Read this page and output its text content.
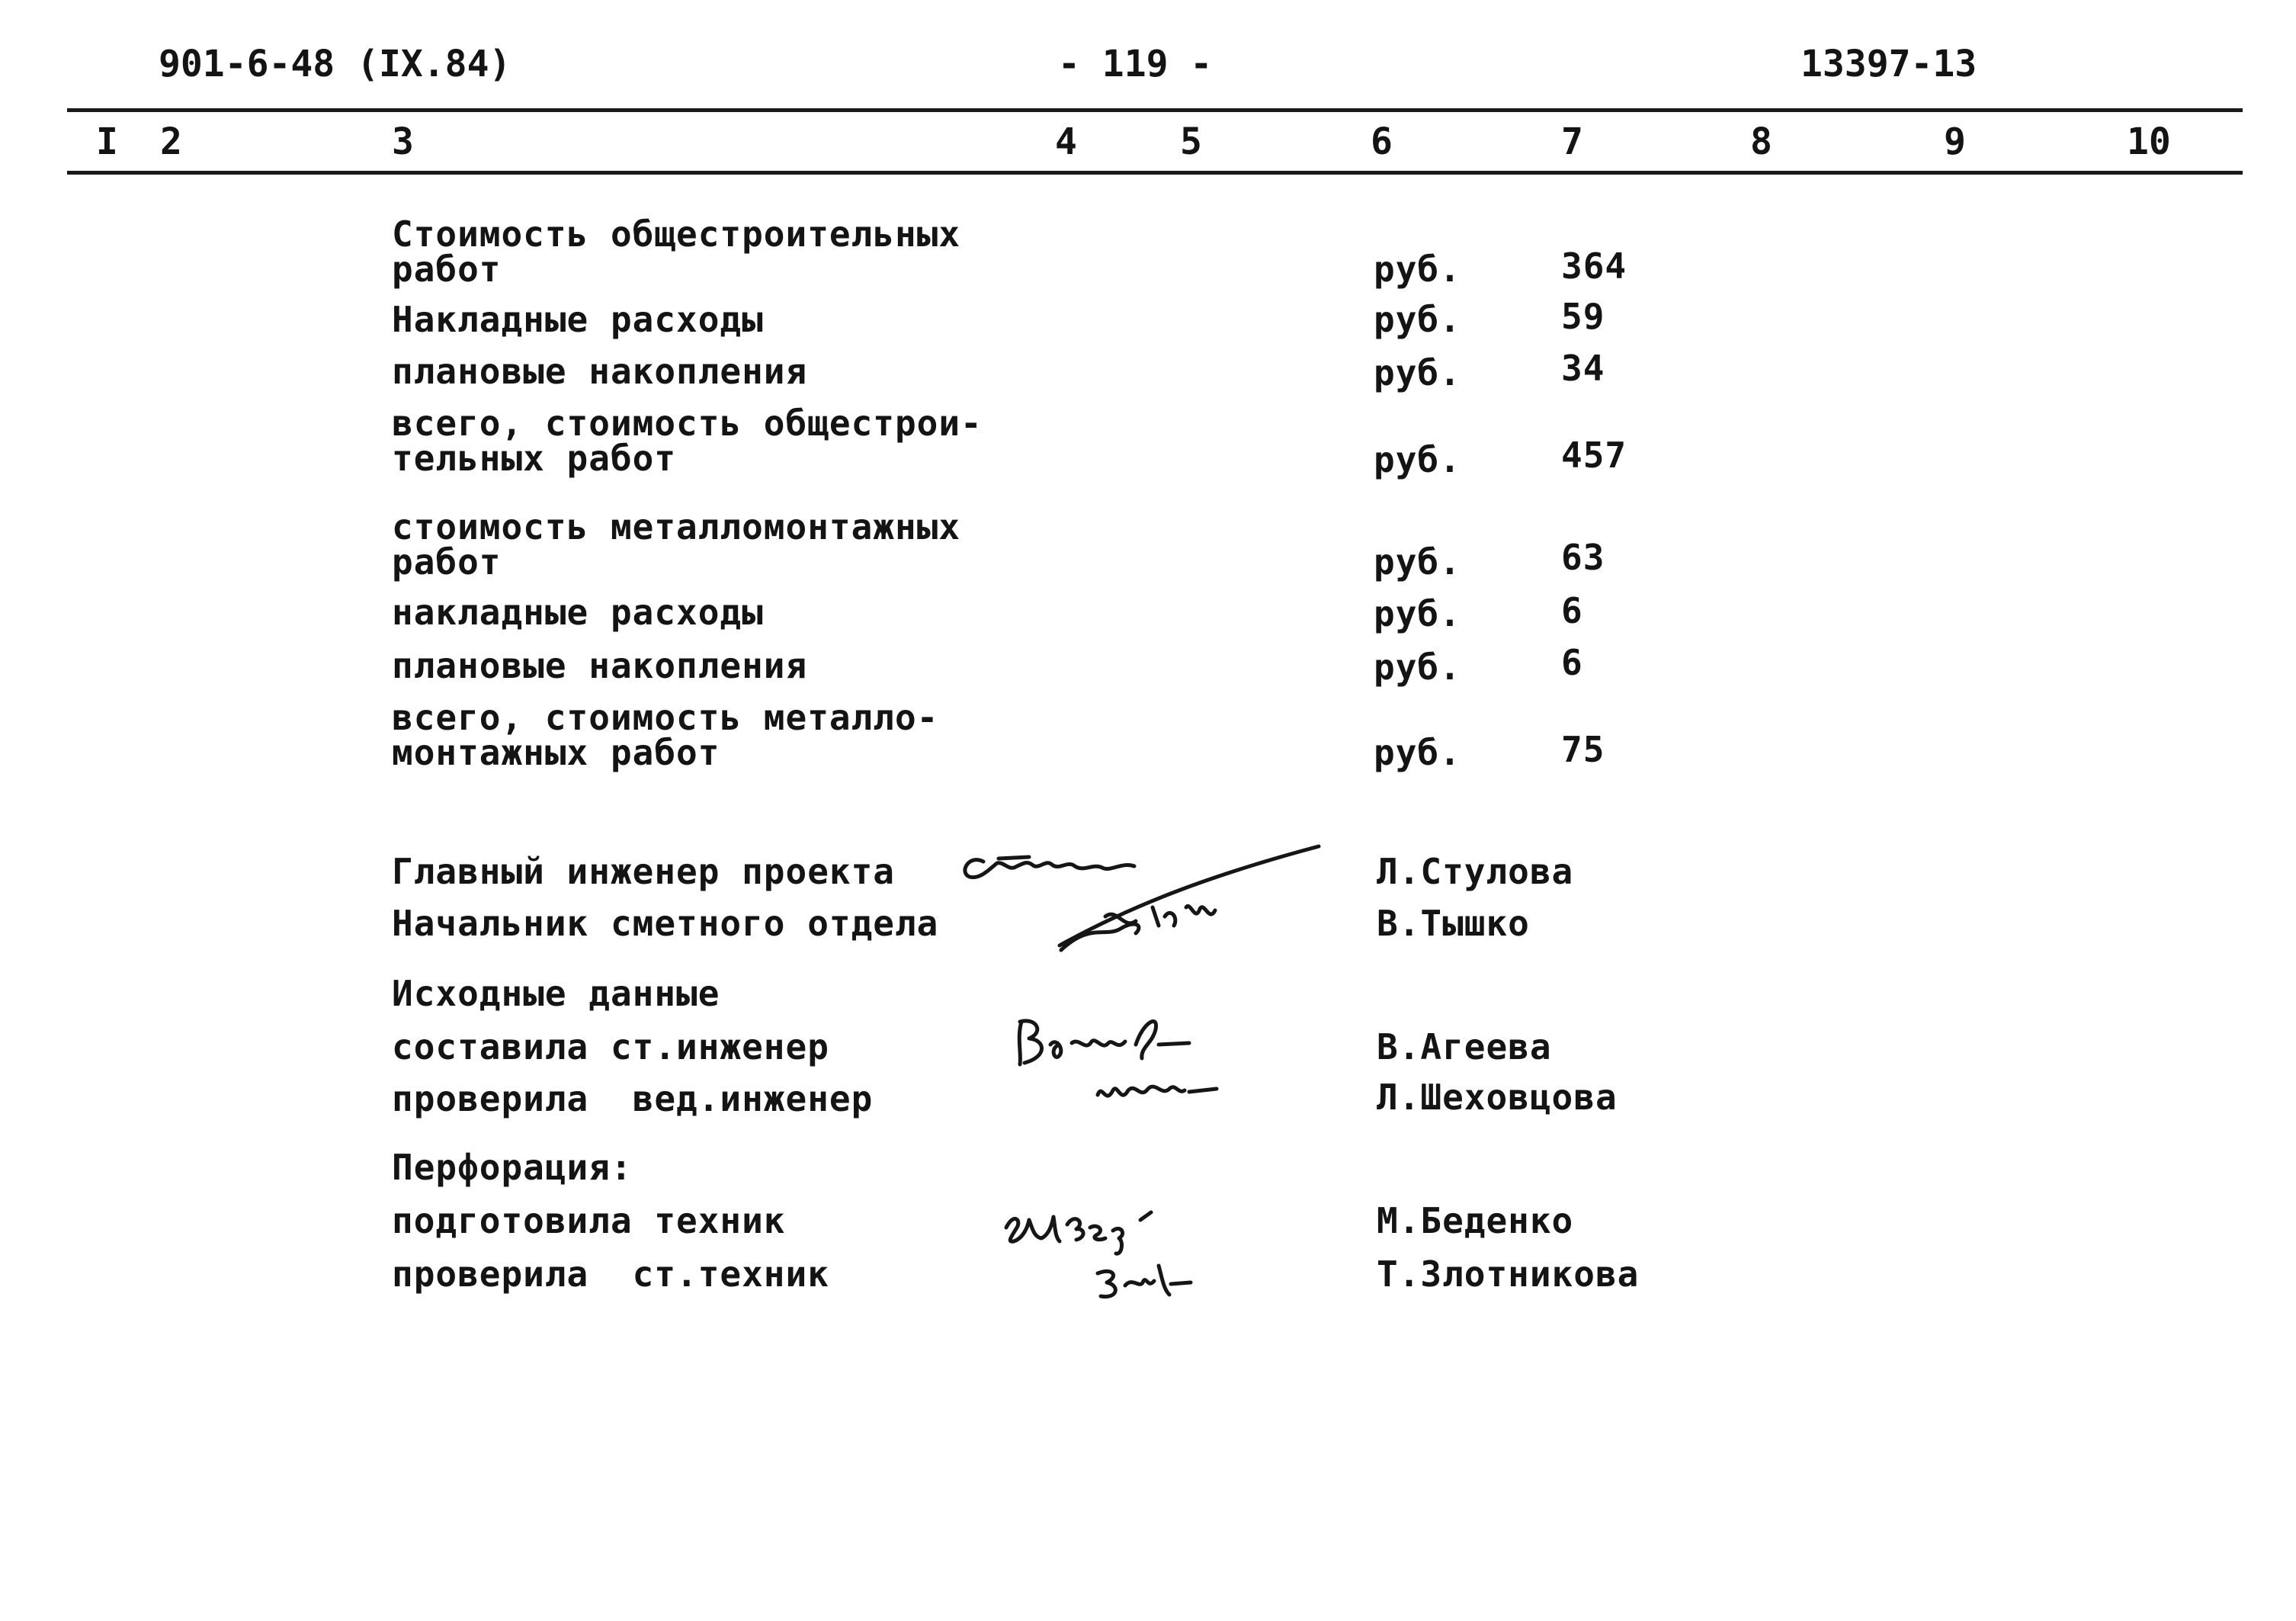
901-6-48 (IX.84)	- 119 -	13397-13
I 2	3	4	5	6	7	8	9	10
Стоимость общестроительных
работ	руб.	364
Накладные расходы	руб.	59
плановые накопления	руб.	34
всего, стоимость общестрои-
тельных работ	руб.	457
стоимость металломонтажных
работ	руб.	63
накладные расходы	руб.	6
плановые накопления	руб.	6
всего, стоимость металло-
монтажных работ	руб.	75
Главный инженер проекта	Л.Стулова
Начальник сметного отдела	В.Тышко
Исходные данные
составила ст.инженер	В.Агеева
проверила  вед.инженер	Л.Шеховцова
Перфорация:
подготовила техник	М.Беденко
проверила  ст.техник	Т.Злотникова
